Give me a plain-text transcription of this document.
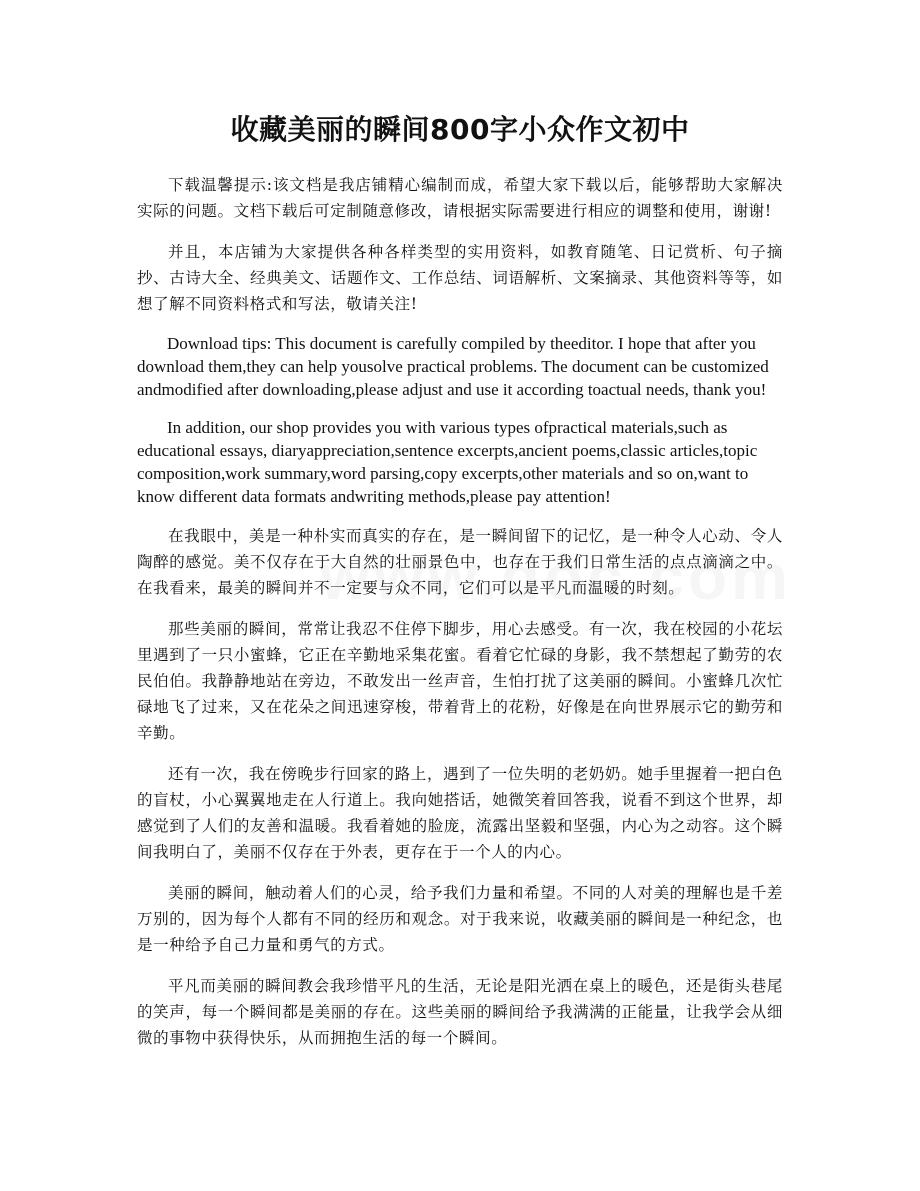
收藏美丽的瞬间800字小众作文初中

下载温馨提示:该文档是我店铺精心编制而成，希望大家下载以后，能够帮助大家解决实际的问题。文档下载后可定制随意修改，请根据实际需要进行相应的调整和使用，谢谢!

并且，本店铺为大家提供各种各样类型的实用资料，如教育随笔、日记赏析、句子摘抄、古诗大全、经典美文、话题作文、工作总结、词语解析、文案摘录、其他资料等等，如想了解不同资料格式和写法，敬请关注!

Download tips: This document is carefully compiled by theeditor. I hope that after you download them,they can help yousolve practical problems. The document can be customized andmodified after downloading,please adjust and use it according toactual needs, thank you!

In addition, our shop provides you with various types ofpractical materials,such as educational essays, diaryappreciation,sentence excerpts,ancient poems,classic articles,topic composition,work summary,word parsing,copy excerpts,other materials and so on,want to know different data formats andwriting methods,please pay attention!

在我眼中，美是一种朴实而真实的存在，是一瞬间留下的记忆，是一种令人心动、令人陶醉的感觉。美不仅存在于大自然的壮丽景色中，也存在于我们日常生活的点点滴滴之中。在我看来，最美的瞬间并不一定要与众不同，它们可以是平凡而温暖的时刻。

那些美丽的瞬间，常常让我忍不住停下脚步，用心去感受。有一次，我在校园的小花坛里遇到了一只小蜜蜂，它正在辛勤地采集花蜜。看着它忙碌的身影，我不禁想起了勤劳的农民伯伯。我静静地站在旁边，不敢发出一丝声音，生怕打扰了这美丽的瞬间。小蜜蜂几次忙碌地飞了过来，又在花朵之间迅速穿梭，带着背上的花粉，好像是在向世界展示它的勤劳和辛勤。

还有一次，我在傍晚步行回家的路上，遇到了一位失明的老奶奶。她手里握着一把白色的盲杖，小心翼翼地走在人行道上。我向她搭话，她微笑着回答我，说看不到这个世界，却感觉到了人们的友善和温暖。我看着她的脸庞，流露出坚毅和坚强，内心为之动容。这个瞬间我明白了，美丽不仅存在于外表，更存在于一个人的内心。

美丽的瞬间，触动着人们的心灵，给予我们力量和希望。不同的人对美的理解也是千差万别的，因为每个人都有不同的经历和观念。对于我来说，收藏美丽的瞬间是一种纪念，也是一种给予自己力量和勇气的方式。

平凡而美丽的瞬间教会我珍惜平凡的生活，无论是阳光洒在桌上的暖色，还是街头巷尾的笑声，每一个瞬间都是美丽的存在。这些美丽的瞬间给予我满满的正能量，让我学会从细微的事物中获得快乐，从而拥抱生活的每一个瞬间。
